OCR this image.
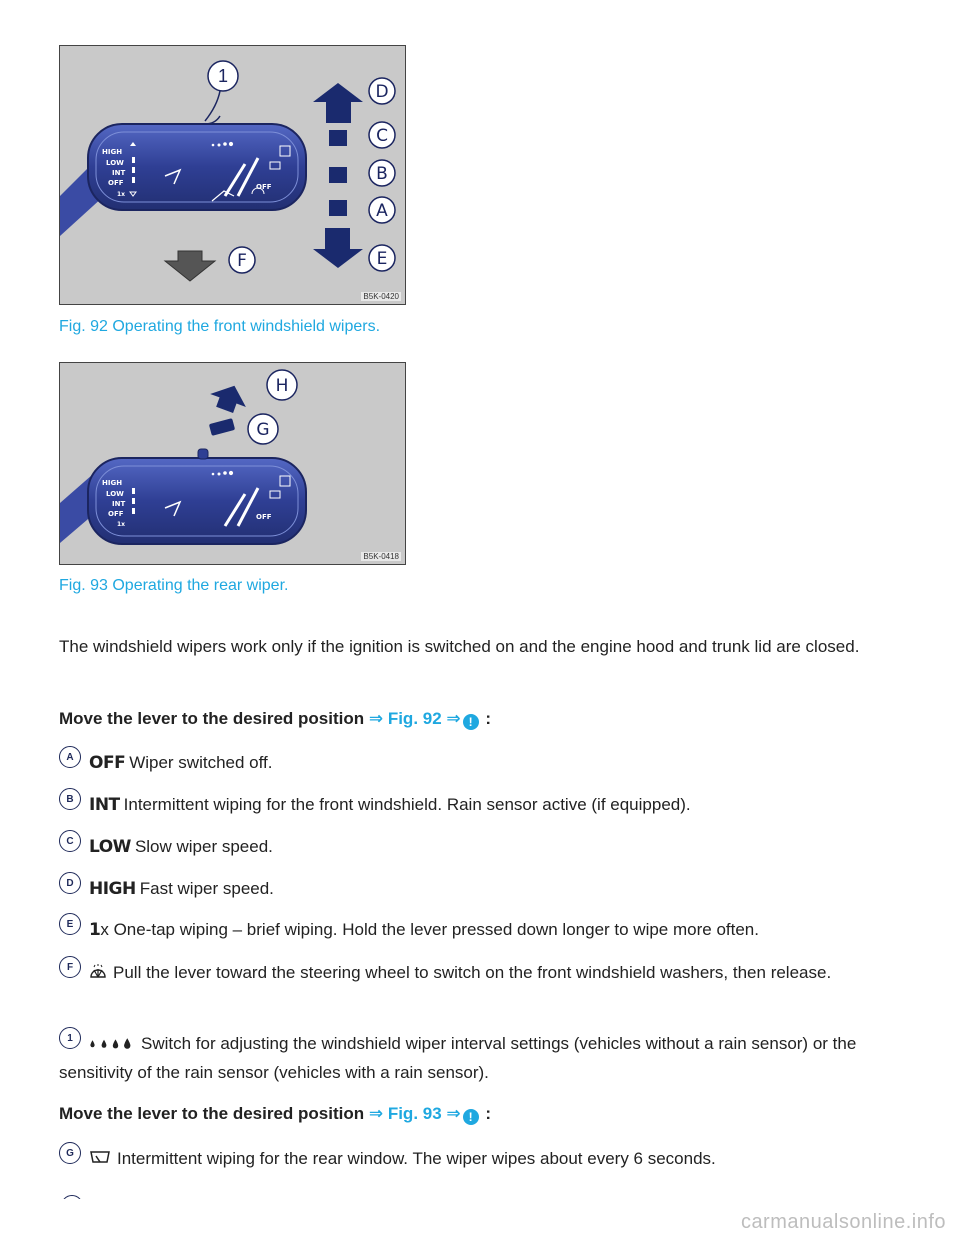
HIGH
LOW
INT
OFF
1x
OFF
1
D
C
B
A
E
F
B5K-0420
Fig. 92 Operating the front windshield wipers.
HIGH
LOW
INT
OFF
1x
OFF
H
G
B5K-0418
Fig. 93 Operating the rear wiper.
The windshield wipers work only if the ignition is switched on and the engine hood and trunk lid are closed.
Move the lever to the desired position ⇒ Fig. 92 ⇒ ! :
A OFF Wiper switched off.
B INT Intermittent wiping for the front windshield. Rain sensor active (if equipped).
C LOW Slow wiper speed.
D HIGH Fast wiper speed.
E 1x One-tap wiping – brief wiping. Hold the lever pressed down longer to wipe more often.
F Pull the lever toward the steering wheel to switch on the front windshield washers, then release.
1	Switch for adjusting the windshield wiper interval settings (vehicles without a rain sensor) or the sensitivity of the rain sensor (vehicles with a rain sensor).
Move the lever to the desired position ⇒ Fig. 93 ⇒ ! :
G	Intermittent wiping for the rear window. The wiper wipes about every 6 seconds.
carmanualsonline.info
